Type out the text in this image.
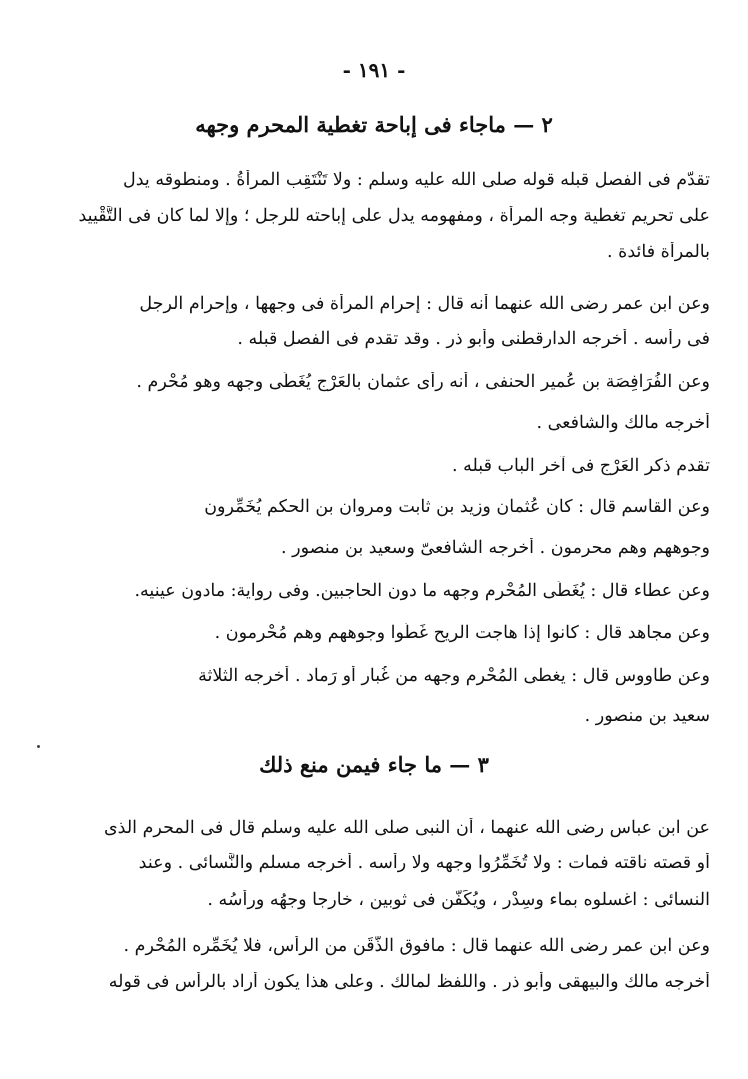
- ١٩١ -
٢ — ماجاء فى إباحة تغطية المحرم وجهه
تقدّم فى الفصل قبله قوله صلى الله عليه وسلم : ولا تَنْتَقِب المرأةُ . ومنطوقه يدل
على تحريم تغطية وجه المرأة ، ومفهومه يدل على إباحته للرجل ؛ وإلا لما كان فى التَّقْييد
بالمرأة فائدة .
وعن ابن عمر رضى الله عنهما أنه قال : إحرام المرأة فى وجهها ، وإحرام الرجل
فى رأسه . أخرجه الدارقطنى وأبو ذر . وقد تقدم فى الفصل قبله .
وعن الفُرَافِصَة بن عُمير الحنفى ، أنه رأى عثمان بالعَرْج يُغَطِّى وجهه وهو مُحْرِم .
أخرجه مالك والشافعى .
تقدم ذكر العَرْج فى آخر الباب قبله .
وعن القاسم قال : كان عُثمان وزيد بن ثابت ومروان بن الحكم يُخَمِّرون
وجوههم وهم محرمون . أخرجه الشافعىّ وسعيد بن منصور .
وعن عطاء قال : يُغَطِّى المُحْرِم وجهه ما دون الحاجبين. وفى رواية: مادون عينيه.
وعن مجاهد قال : كانوا إذا هاجت الريح غَطَّوا وجوههم وهم مُحْرِمون .
وعن طاووس قال : يغطى المُحْرِم وجهه من غُبار أو رَماد . أخرجه الثلاثة
سعيد بن منصور .
٣ — ما جاء فيمن منع ذلك
عن ابن عباس رضى الله عنهما ، أن النبى صلى الله عليه وسلم قال فى المحرم الذى
أو قصته ناقته فمات : ولا تُخَمِّرُوا وجهه ولا رأسه . أخرجه مسلم والنَّسائى . وعند
النسائى : اغسلوه بماء وسِدْر ، ويُكَفَّن فى ثوبين ، خارجا وجهُه ورأسُه .
وعن ابن عمر رضى الله عنهما قال : مافوق الذَّقَن من الرأس، فلا يُخَمِّره المُحْرِم .
أخرجه مالك والبيهقى وأبو ذر . واللفظ لمالك . وعلى هذا يكون أراد بالرأس فى قوله
